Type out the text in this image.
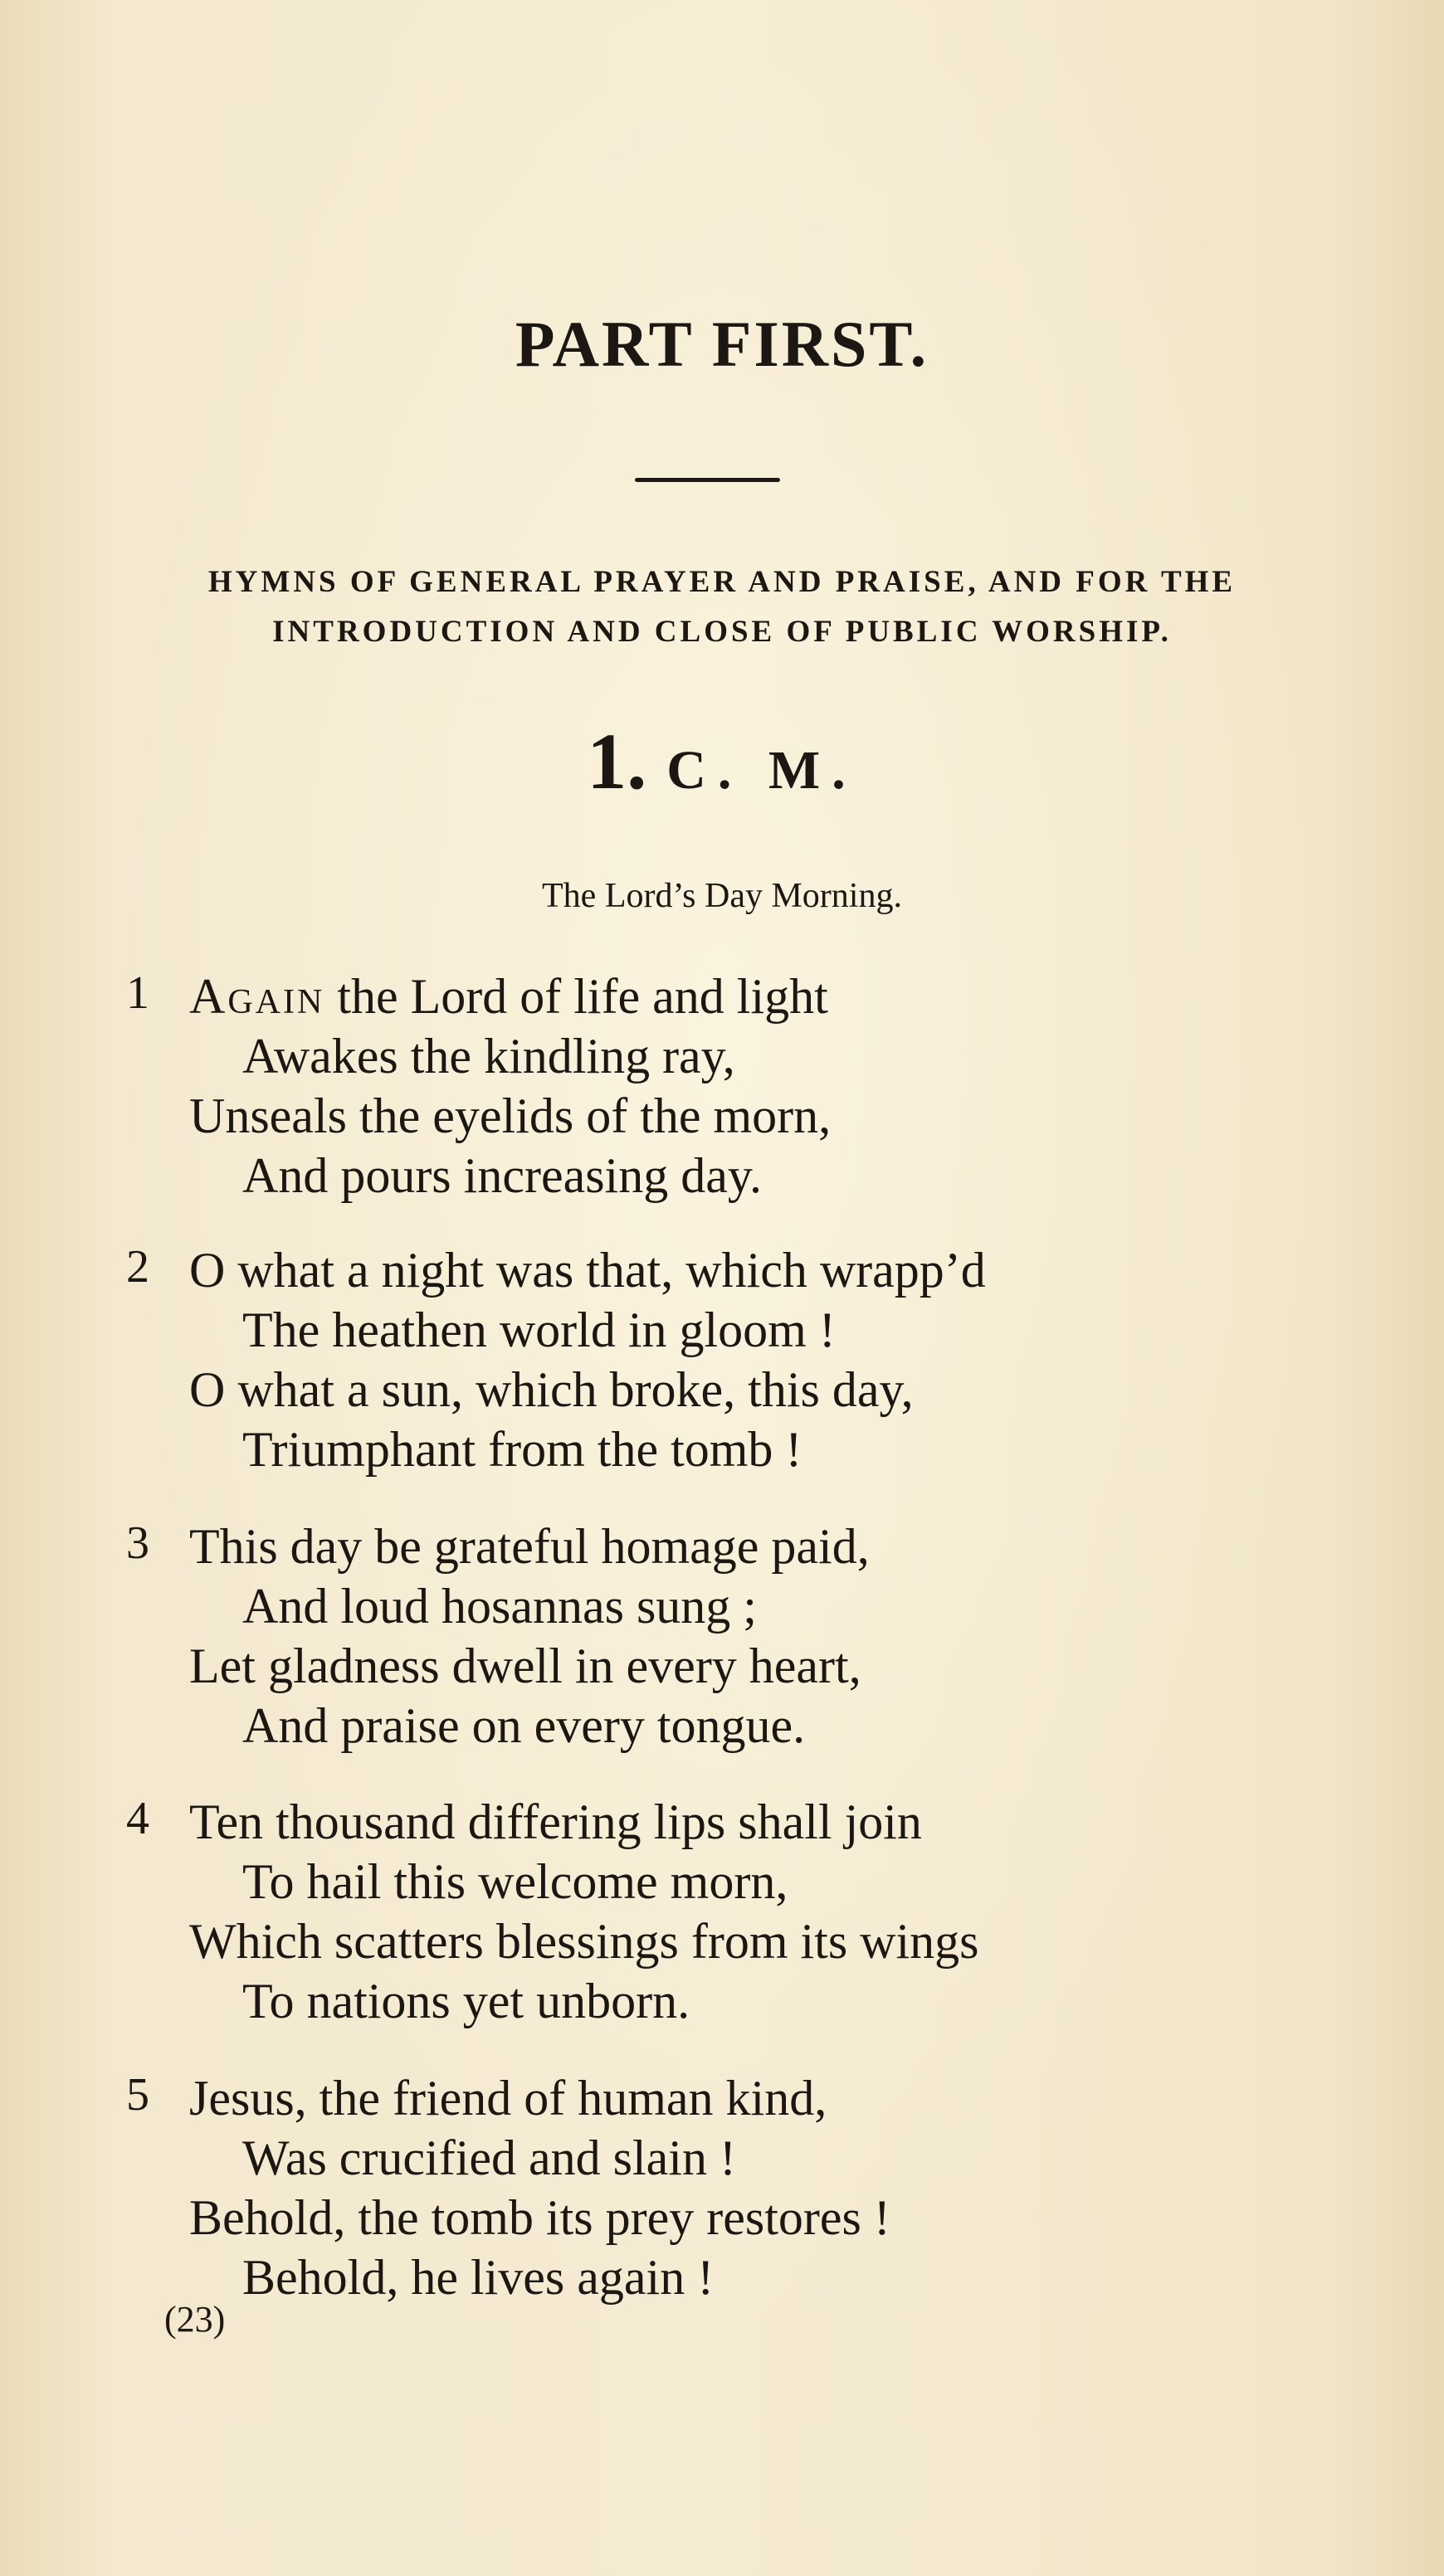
PART FIRST.
HYMNS OF GENERAL PRAYER AND PRAISE, AND FOR THE
INTRODUCTION AND CLOSE OF PUBLIC WORSHIP.
1. C. M.
The Lord’s Day Morning.
1 Again the Lord of life and light
Awakes the kindling ray,
Unseals the eyelids of the morn,
And pours increasing day.
2 O what a night was that, which wrapp’d
The heathen world in gloom !
O what a sun, which broke, this day,
Triumphant from the tomb !
3 This day be grateful homage paid,
And loud hosannas sung ;
Let gladness dwell in every heart,
And praise on every tongue.
4 Ten thousand differing lips shall join
To hail this welcome morn,
Which scatters blessings from its wings
To nations yet unborn.
5 Jesus, the friend of human kind,
Was crucified and slain !
Behold, the tomb its prey restores !
Behold, he lives again !
(23)
